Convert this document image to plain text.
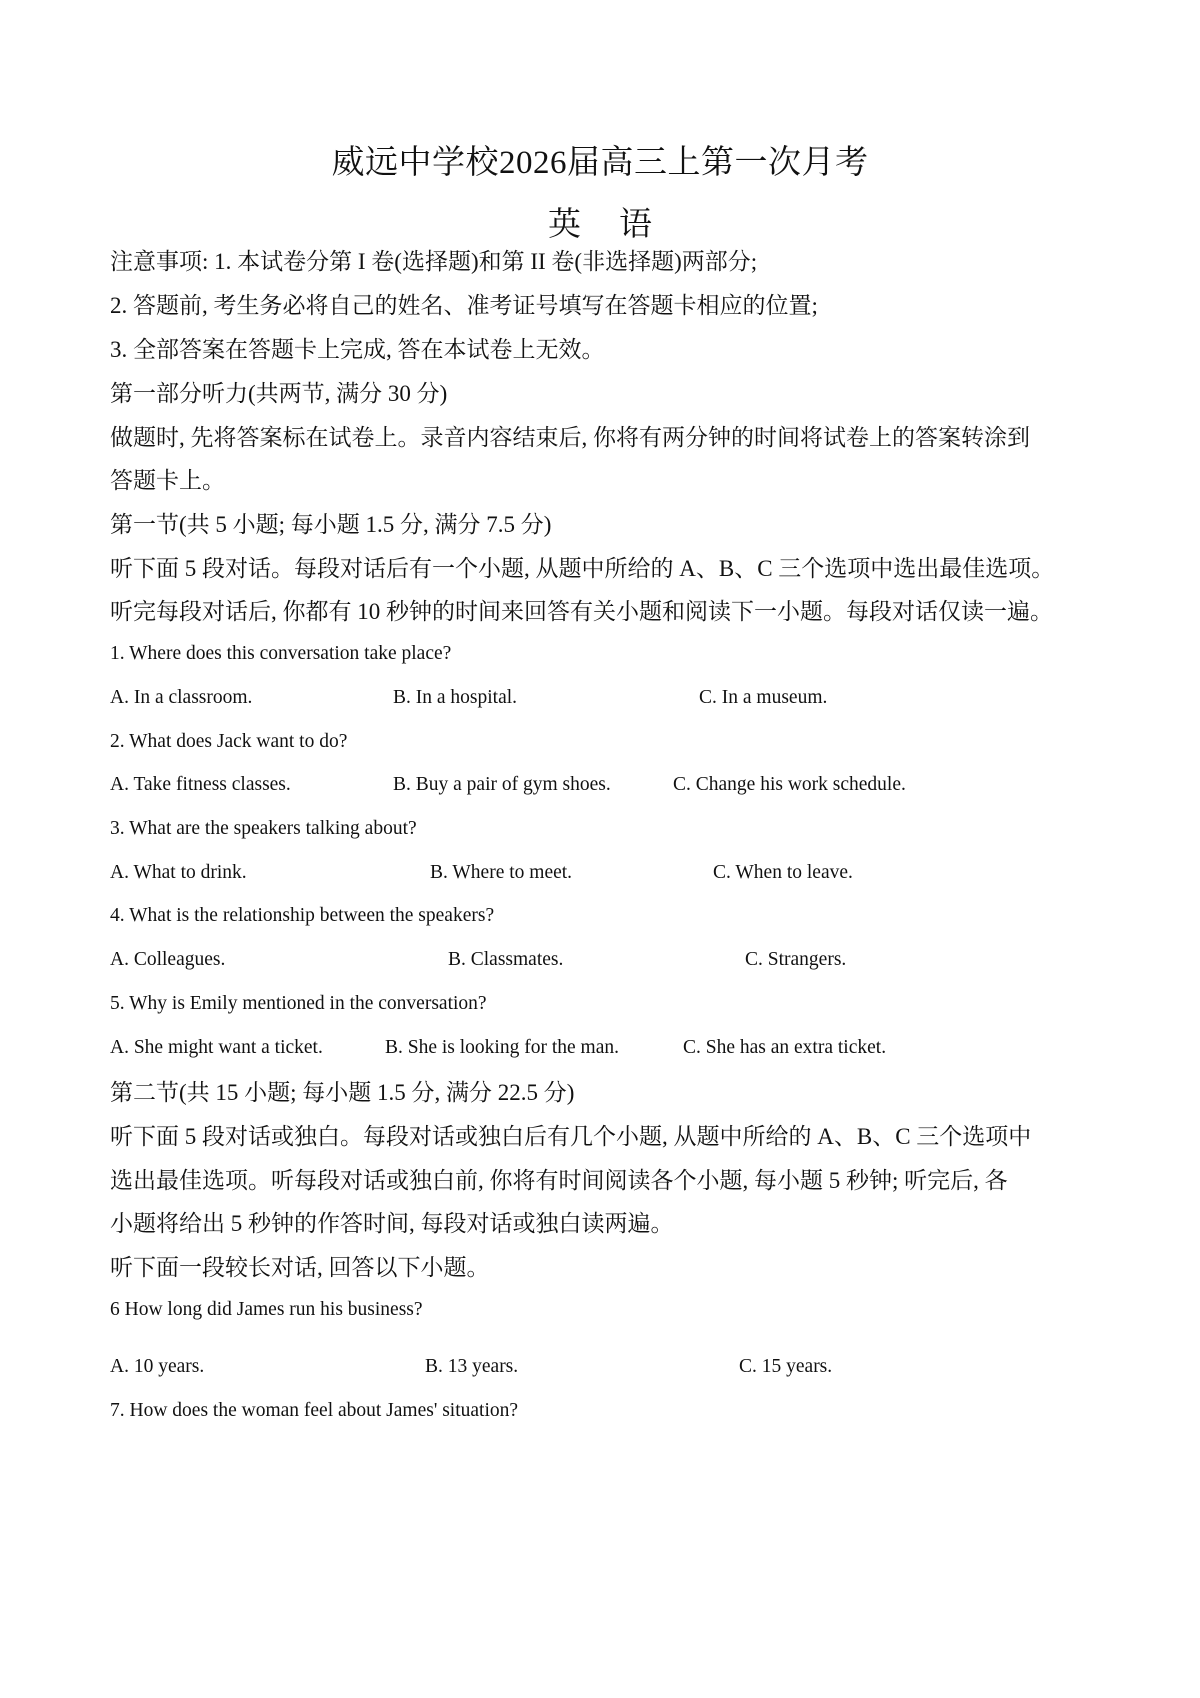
威远中学校2026届高三上第一次月考
英 语
注意事项: 1. 本试卷分第 I 卷(选择题)和第 II 卷(非选择题)两部分;
2. 答题前, 考生务必将自己的姓名、准考证号填写在答题卡相应的位置;
3. 全部答案在答题卡上完成, 答在本试卷上无效。
第一部分听力(共两节, 满分 30 分)
做题时, 先将答案标在试卷上。录音内容结束后, 你将有两分钟的时间将试卷上的答案转涂到
答题卡上。
第一节(共 5 小题; 每小题 1.5 分, 满分 7.5 分)
听下面 5 段对话。每段对话后有一个小题, 从题中所给的 A、B、C 三个选项中选出最佳选项。
听完每段对话后, 你都有 10 秒钟的时间来回答有关小题和阅读下一小题。每段对话仅读一遍。
1. Where does this conversation take place?
A. In a classroom.	B. In a hospital.	C. In a museum.
2. What does Jack want to do?
A. Take fitness classes.	B. Buy a pair of gym shoes.	C. Change his work schedule.
3. What are the speakers talking about?
A. What to drink.	B. Where to meet.	C. When to leave.
4. What is the relationship between the speakers?
A. Colleagues.	B. Classmates.	C. Strangers.
5. Why is Emily mentioned in the conversation?
A. She might want a ticket.	B. She is looking for the man.	C. She has an extra ticket.
第二节(共 15 小题; 每小题 1.5 分, 满分 22.5 分)
听下面 5 段对话或独白。每段对话或独白后有几个小题, 从题中所给的 A、B、C 三个选项中
选出最佳选项。听每段对话或独白前, 你将有时间阅读各个小题, 每小题 5 秒钟; 听完后, 各
小题将给出 5 秒钟的作答时间, 每段对话或独白读两遍。
听下面一段较长对话, 回答以下小题。
6 How long did James run his business?
A. 10 years.	B. 13 years.	C. 15 years.
7. How does the woman feel about James' situation?
